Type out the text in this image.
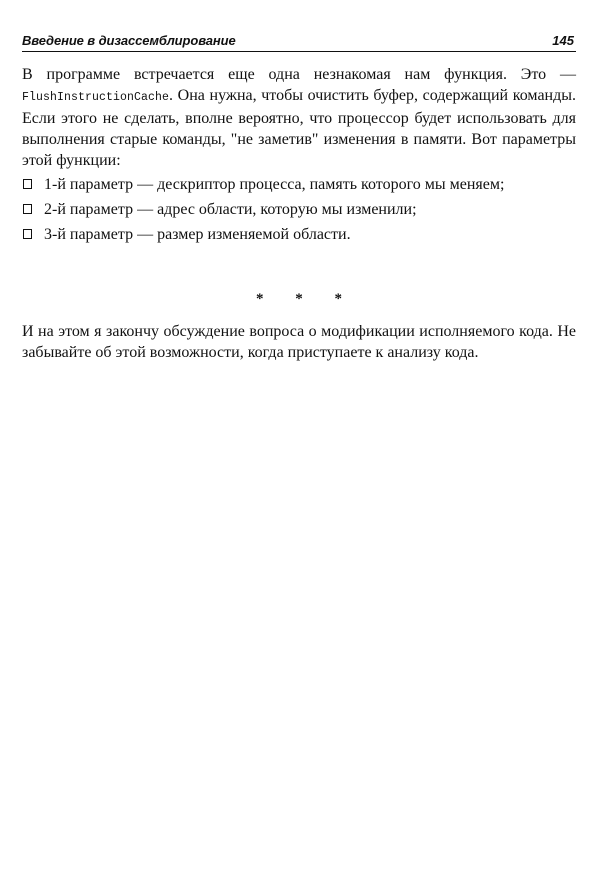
Введение в дизассемблирование	145

В программе встречается еще одна незнакомая нам функция. Это — FlushInstructionCache. Она нужна, чтобы очистить буфер, содержащий команды. Если этого не сделать, вполне вероятно, что процессор будет использовать для выполнения старые команды, "не заметив" изменения в памяти. Вот параметры этой функции:

1-й параметр — дескриптор процесса, память которого мы меняем;
2-й параметр — адрес области, которую мы изменили;
3-й параметр — размер изменяемой области.
* * *

И на этом я закончу обсуждение вопроса о модификации исполняемого кода. Не забывайте об этой возможности, когда приступаете к анализу кода.
